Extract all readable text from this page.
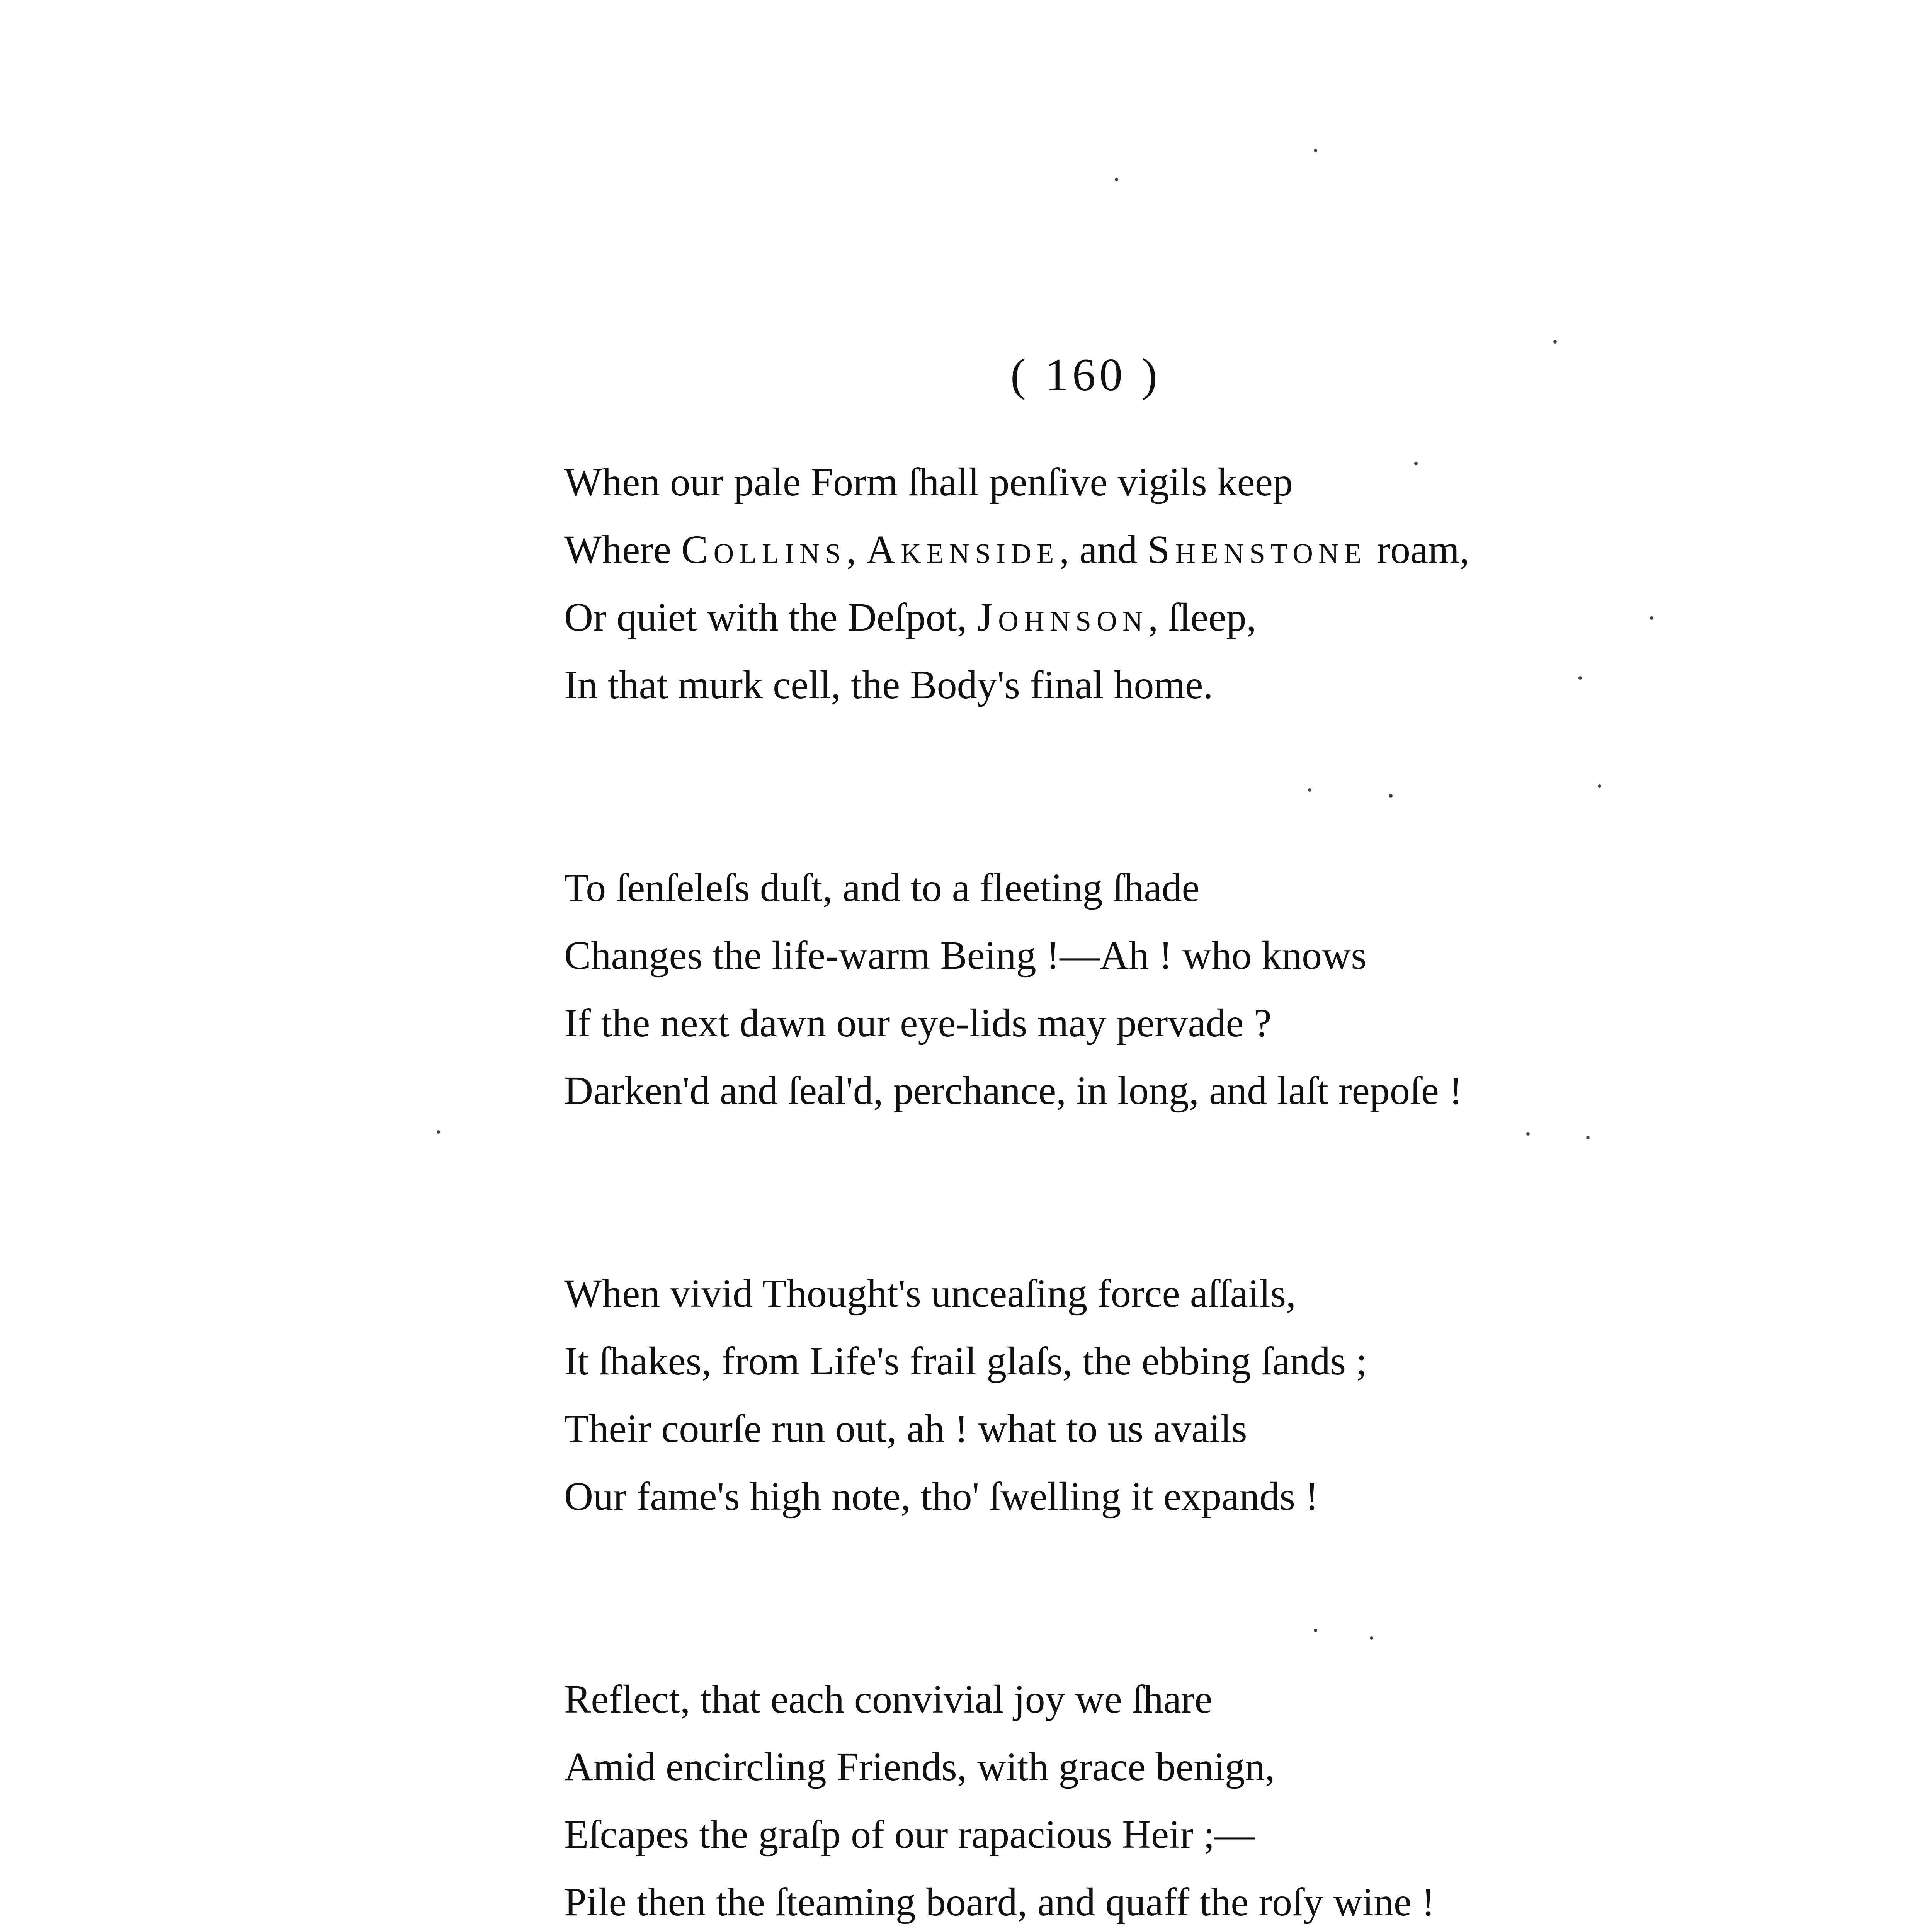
( 160 )
When our pale Form ſhall penſive vigils keep
Where Collins, Akenside, and Shenstone roam,
Or quiet with the Deſpot, Johnson, ſleep,
In that murk cell, the Body's final home.
To ſenſeleſs duſt, and to a fleeting ſhade
Changes the life-warm Being !—Ah ! who knows
If the next dawn our eye-lids may pervade ?
Darken'd and ſeal'd, perchance, in long, and laſt repoſe !
When vivid Thought's unceaſing force aſſails,
It ſhakes, from Life's frail glaſs, the ebbing ſands ;
Their courſe run out, ah ! what to us avails
Our fame's high note, tho' ſwelling it expands !
Reflect, that each convivial joy we ſhare
Amid encircling Friends, with grace benign,
Eſcapes the graſp of our rapacious Heir ;—
Pile then the ſteaming board, and quaff the roſy wine !
